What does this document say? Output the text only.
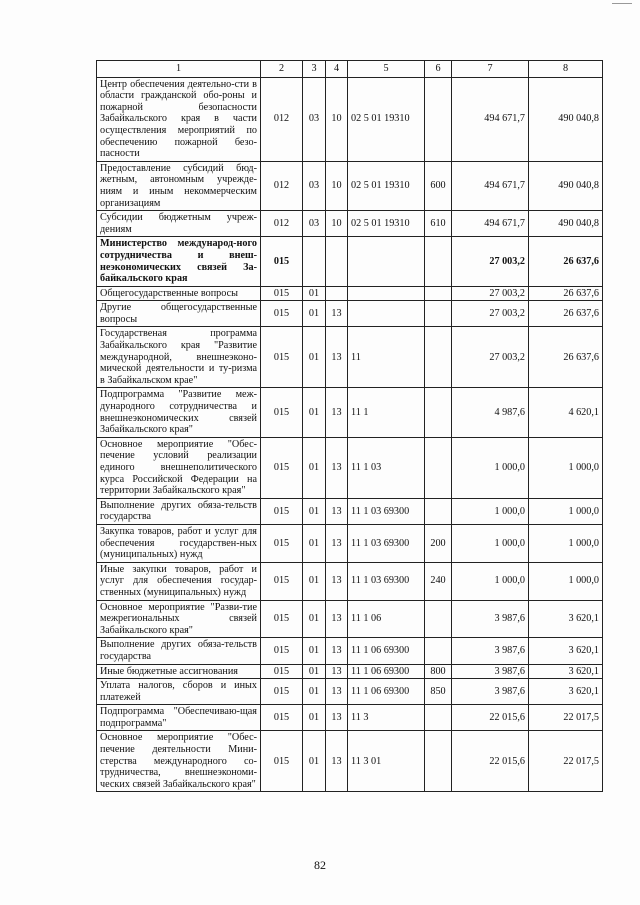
1	2	3	4	5	6	7	8
Центр обеспечения деятельно-сти в области гражданской обо-роны и пожарной безопасности Забайкальского края в части осуществления мероприятий по обеспечению пожарной безо-пасности	012	03	10	02 5 01 19310		494 671,7	490 040,8
Предоставление субсидий бюд-жетным, автономным учрежде-ниям и иным некоммерческим организациям	012	03	10	02 5 01 19310	600	494 671,7	490 040,8
Субсидии бюджетным учреж-дениям	012	03	10	02 5 01 19310	610	494 671,7	490 040,8
Министерство международ-ного сотрудничества и внеш-неэкономических связей За-байкальского края	015					27 003,2	26 637,6
Общегосударственные вопросы	015	01				27 003,2	26 637,6
Другие общегосударственные вопросы	015	01	13			27 003,2	26 637,6
Государственая программа Забайкальского края "Развитие международной, внешнеэконо-мической деятельности и ту-ризма в Забайкальском крае"	015	01	13	11		27 003,2	26 637,6
Подпрограмма "Развитие меж-дународного сотрудничества и внешнеэкономических связей Забайкальского края"	015	01	13	11 1		4 987,6	4 620,1
Основное мероприятие "Обес-печение условий реализации единого внешнеполитического курса Российской Федерации на территории Забайкальского края"	015	01	13	11 1 03		1 000,0	1 000,0
Выполнение других обяза-тельств государства	015	01	13	11 1 03 69300		1 000,0	1 000,0
Закупка товаров, работ и услуг для обеспечения государствен-ных (муниципальных) нужд	015	01	13	11 1 03 69300	200	1 000,0	1 000,0
Иные закупки товаров, работ и услуг для обеспечения государ-ственных (муниципальных) нужд	015	01	13	11 1 03 69300	240	1 000,0	1 000,0
Основное мероприятие "Разви-тие межрегиональных связей Забайкальского края"	015	01	13	11 1 06		3 987,6	3 620,1
Выполнение других обяза-тельств государства	015	01	13	11 1 06 69300		3 987,6	3 620,1
Иные бюджетные ассигнования	015	01	13	11 1 06 69300	800	3 987,6	3 620,1
Уплата налогов, сборов и иных платежей	015	01	13	11 1 06 69300	850	3 987,6	3 620,1
Подпрограмма "Обеспечиваю-щая подпрограмма"	015	01	13	11 3		22 015,6	22 017,5
Основное мероприятие "Обес-печение деятельности Мини-стерства международного со-трудничества, внешнеэкономи-ческих связей Забайкальского края"	015	01	13	11 3 01		22 015,6	22 017,5
82
